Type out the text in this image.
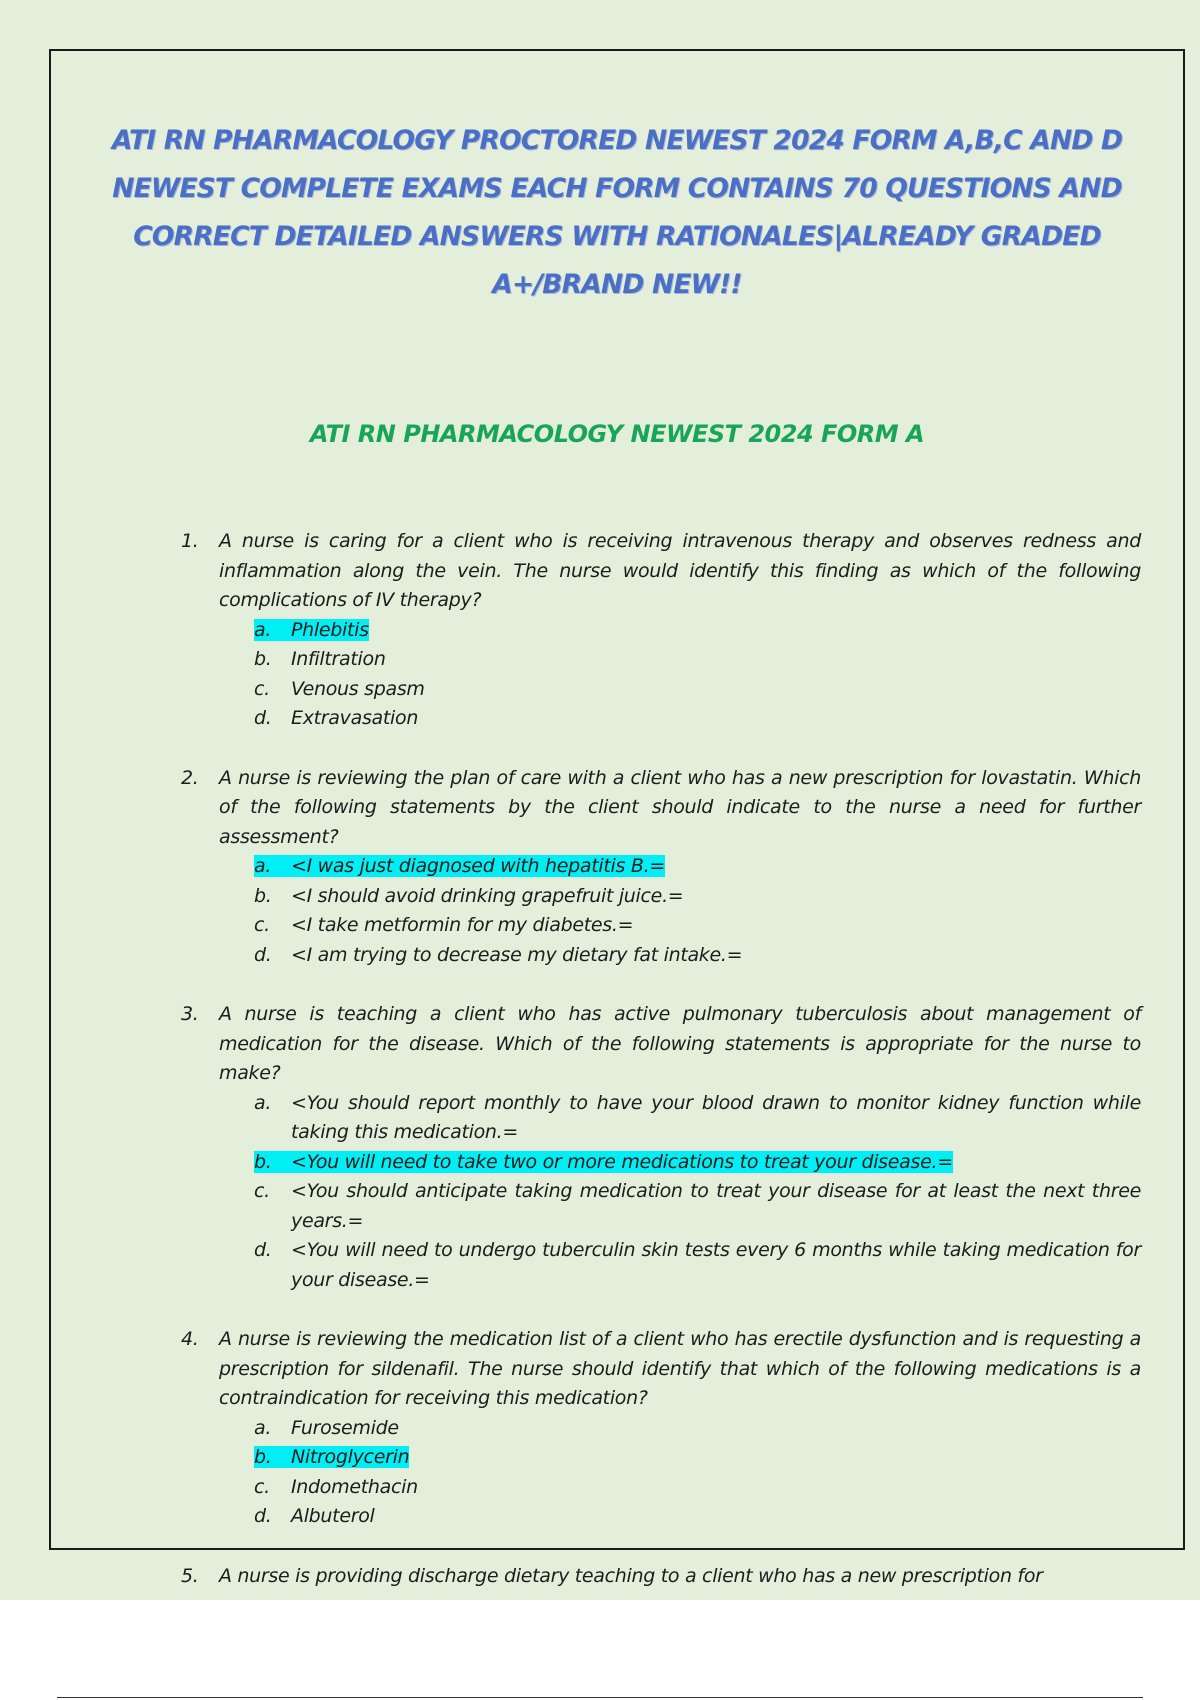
ATI RN PHARMACOLOGY PROCTORED NEWEST 2024 FORM A,B,C AND D NEWEST COMPLETE EXAMS EACH FORM CONTAINS 70 QUESTIONS AND CORRECT DETAILED ANSWERS WITH RATIONALES|ALREADY GRADED A+/BRAND NEW!!
ATI RN PHARMACOLOGY NEWEST 2024 FORM A
1. A nurse is caring for a client who is receiving intravenous therapy and observes redness and inflammation along the vein. The nurse would identify this finding as which of the following complications of IV therapy?
a. Phlebitis
b. Infiltration
c. Venous spasm
d. Extravasation
2. A nurse is reviewing the plan of care with a client who has a new prescription for lovastatin. Which of the following statements by the client should indicate to the nurse a need for further assessment?
a. <I was just diagnosed with hepatitis B.=
b. <I should avoid drinking grapefruit juice.=
c. <I take metformin for my diabetes.=
d. <I am trying to decrease my dietary fat intake.=
3. A nurse is teaching a client who has active pulmonary tuberculosis about management of medication for the disease. Which of the following statements is appropriate for the nurse to make?
a. <You should report monthly to have your blood drawn to monitor kidney function while taking this medication.=
b. <You will need to take two or more medications to treat your disease.=
c. <You should anticipate taking medication to treat your disease for at least the next three years.=
d. <You will need to undergo tuberculin skin tests every 6 months while taking medication for your disease.=
4. A nurse is reviewing the medication list of a client who has erectile dysfunction and is requesting a prescription for sildenafil. The nurse should identify that which of the following medications is a contraindication for receiving this medication?
a. Furosemide
b. Nitroglycerin
c. Indomethacin
d. Albuterol
5. A nurse is providing discharge dietary teaching to a client who has a new prescription for
